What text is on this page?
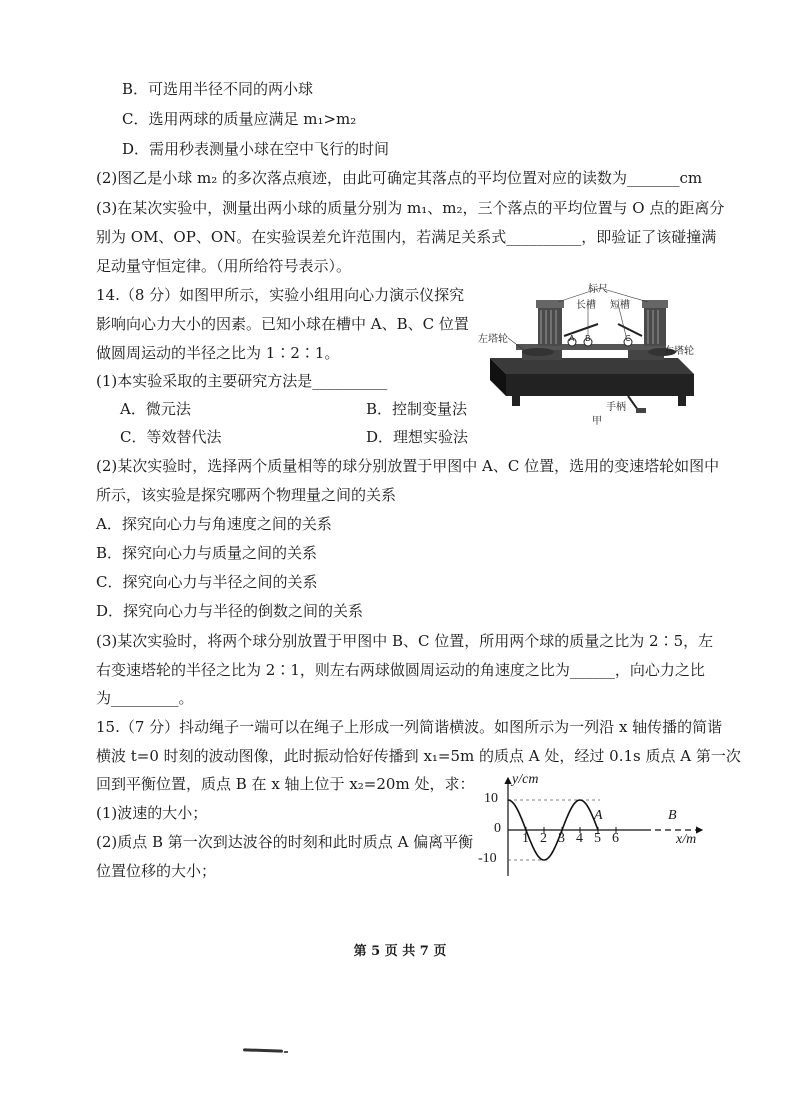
B．可选用半径不同的两小球
C．选用两球的质量应满足 m₁>m₂
D．需用秒表测量小球在空中飞行的时间
(2)图乙是小球 m₂ 的多次落点痕迹，由此可确定其落点的平均位置对应的读数为_______cm
(3)在某次实验中，测量出两小球的质量分别为 m₁、m₂，三个落点的平均位置与 O 点的距离分
别为 OM、OP、ON。在实验误差允许范围内，若满足关系式__________，即验证了该碰撞满
足动量守恒定律。（用所给符号表示）。
14.（8 分）如图甲所示，实验小组用向心力演示仪探究
影响向心力大小的因素。已知小球在槽中 A、B、C 位置
做圆周运动的半径之比为 1∶2∶1。
(1)本实验采取的主要研究方法是__________
A．微元法	B．控制变量法
C．等效替代法	D．理想实验法
(2)某次实验时，选择两个质量相等的球分别放置于甲图中 A、C 位置，选用的变速塔轮如图中
所示，该实验是探究哪两个物理量之间的关系
A．探究向心力与角速度之间的关系
B．探究向心力与质量之间的关系
C．探究向心力与半径之间的关系
D．探究向心力与半径的倒数之间的关系
(3)某次实验时，将两个球分别放置于甲图中 B、C 位置，所用两个球的质量之比为 2∶5，左
右变速塔轮的半径之比为 2∶1，则左右两球做圆周运动的角速度之比为______，向心力之比
为_________。
15.（7 分）抖动绳子一端可以在绳子上形成一列简谐横波。如图所示为一列沿 x 轴传播的简谐
横波 t=0 时刻的波动图像，此时振动恰好传播到 x₁=5m 的质点 A 处，经过 0.1s 质点 A 第一次
回到平衡位置，质点 B 在 x 轴上位于 x₂=20m 处，求：
(1)波速的大小；
(2)质点 B 第一次到达波谷的时刻和此时质点 A 偏离平衡
位置位移的大小；
标尺
长槽 短槽
左塔轮
右塔轮
A B	C
手柄
甲
y/cm
10
0
-10
x/m
A	B
1 2 3 4 5 6
第 5 页 共 7 页
